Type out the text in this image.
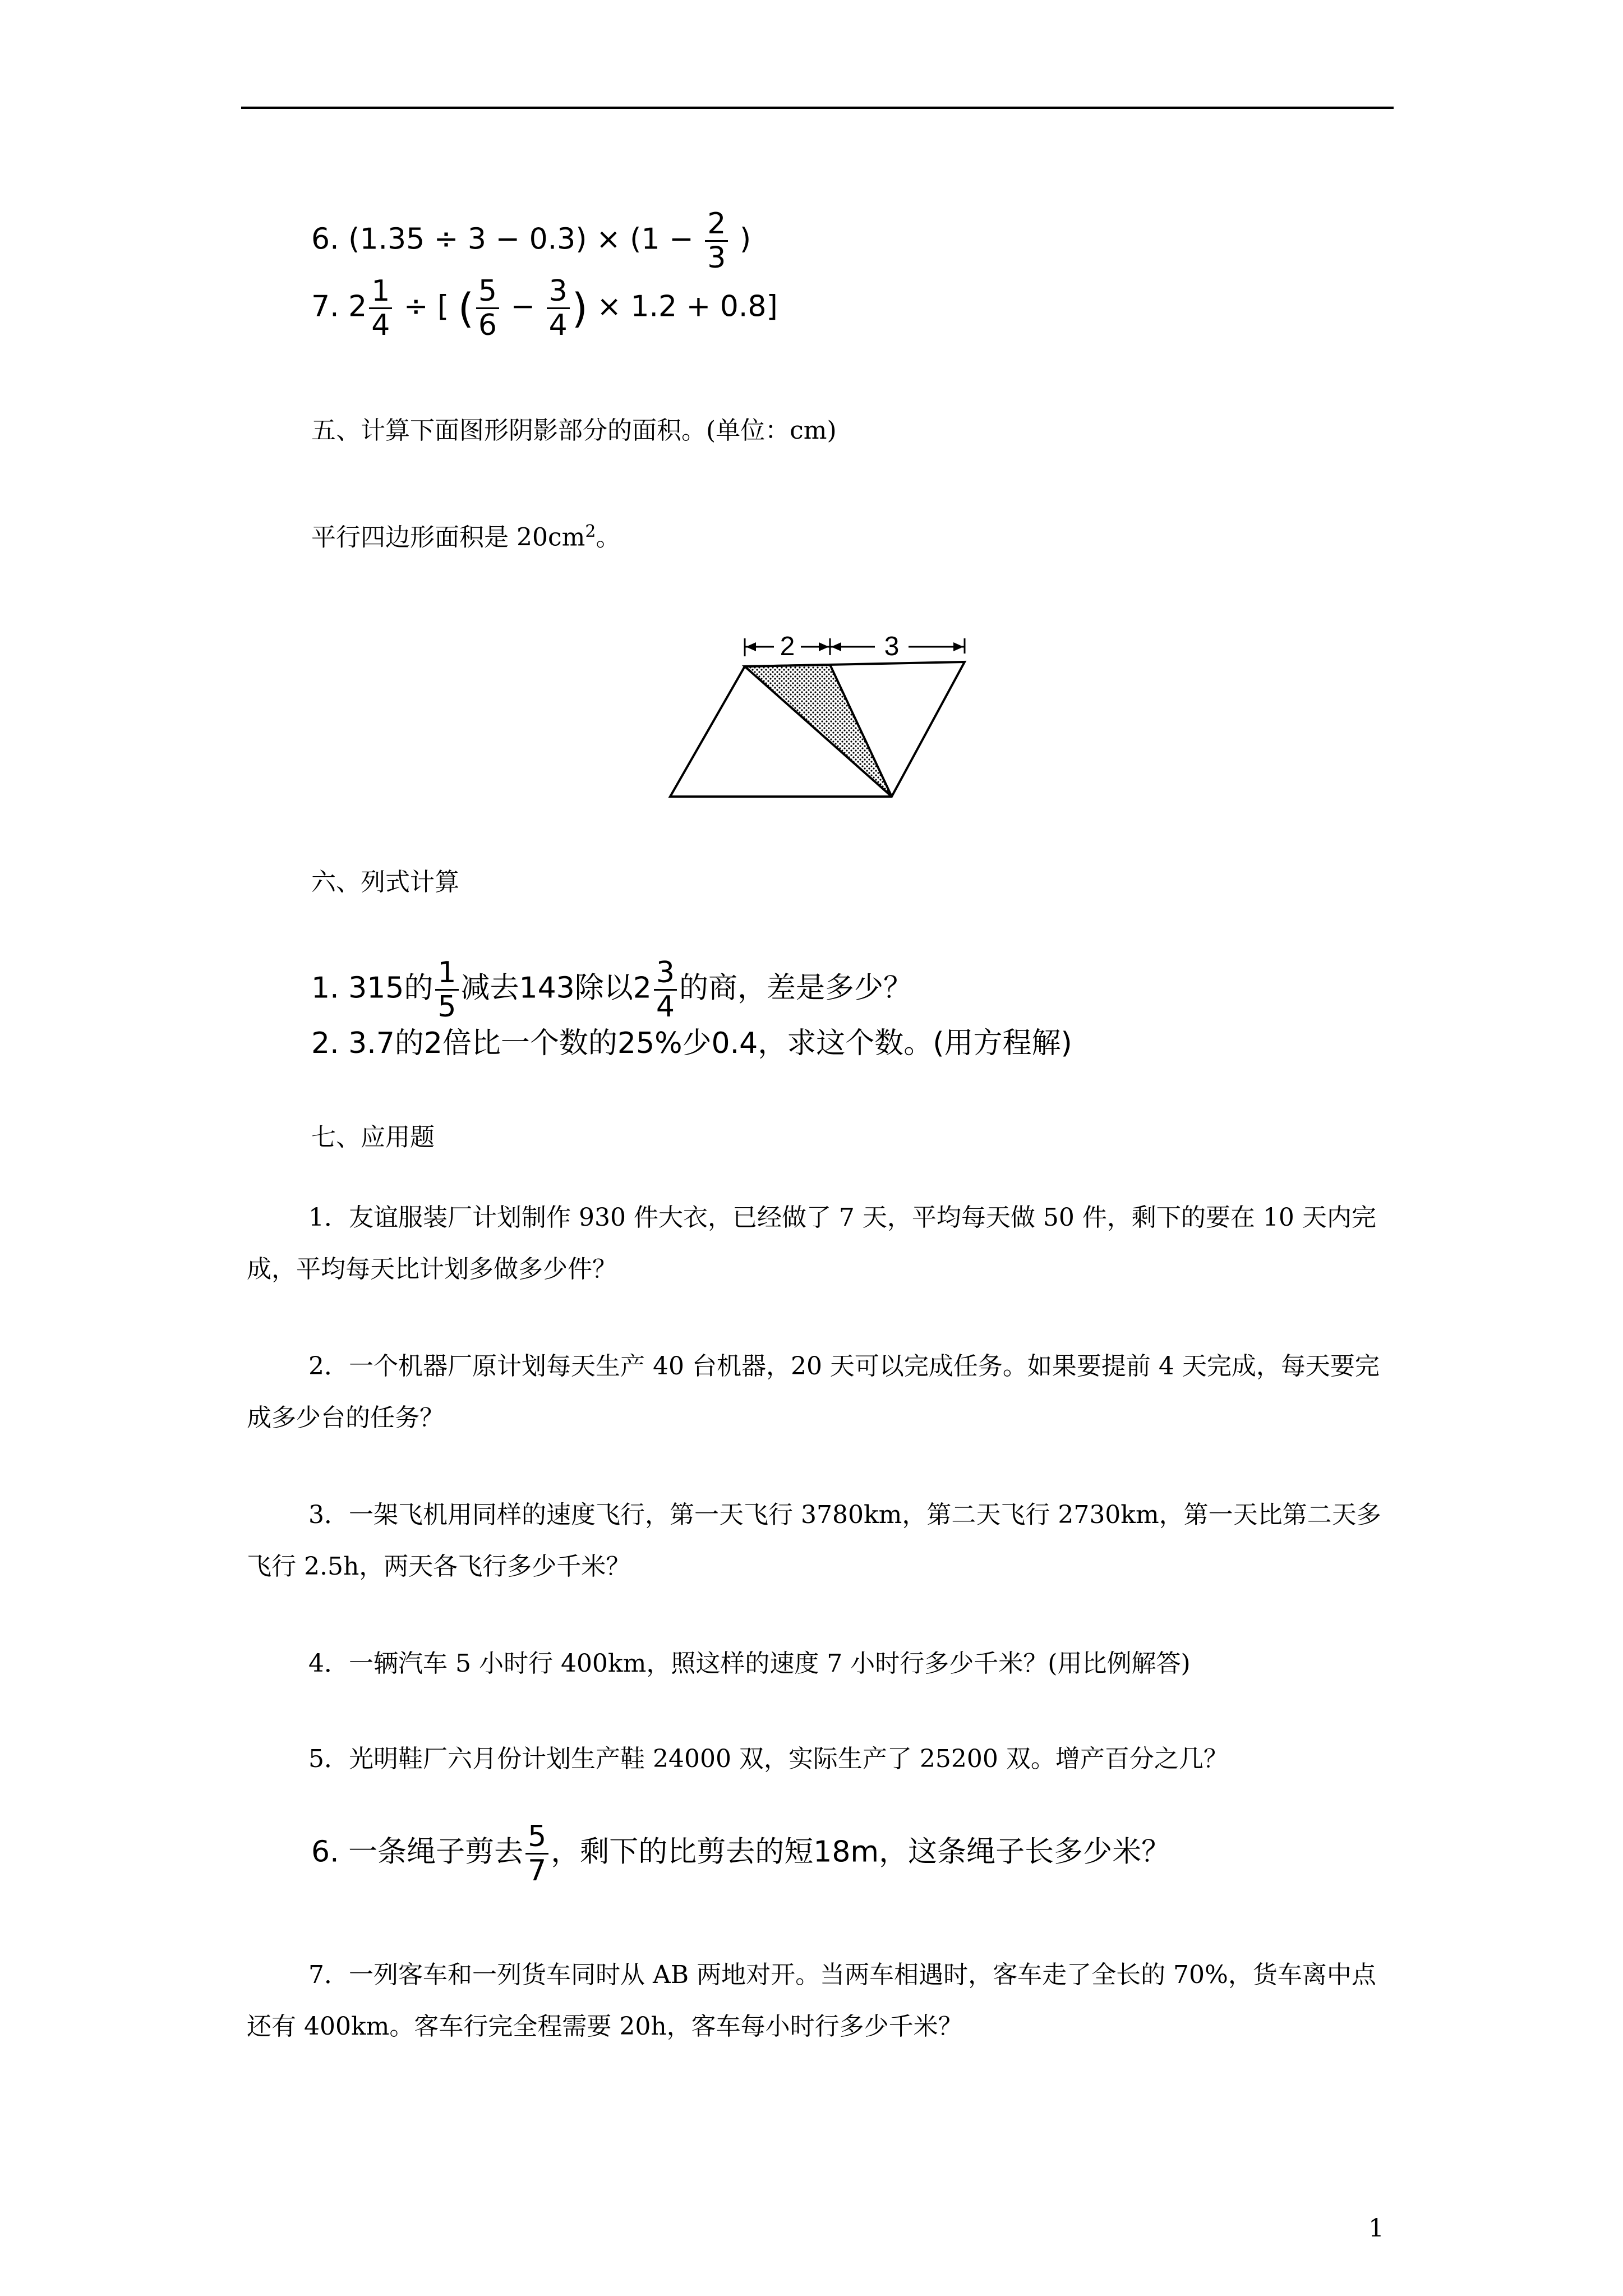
6. $(1.35 \div 3 - 0.3) \times (1 - \frac{2}{3}$ )
7. $2 \frac{1}{4}$ ÷ [ ( $\frac{5}{6} - \frac{3}{4}$ ) × 1.2 + 0.8]
五、计算下面图形阴影部分的面积。(单位：cm)
平行四边形面积是 $20cm^2$。
2	3
六、列式计算
1. 315的 $\frac{1}{5}$ 减去143除以$2 \frac{3}{4}$ 的商，差是多少？
2. 3.7的2倍比一个数的25%少0.4，求这个数。(用方程解)
七、应用题
1．友谊服装厂计划制作 930 件大衣，已经做了 7 天，平均每天做 50 件，剩下的要在 10 天内完成，平均每天比计划多做多少件？
2．一个机器厂原计划每天生产 40 台机器，20 天可以完成任务。如果要提前 4 天完成，每天要完成多少台的任务？
3．一架飞机用同样的速度飞行，第一天飞行 3780km，第二天飞行 2730km，第一天比第二天多飞行 2.5h，两天各飞行多少千米？
4．一辆汽车 5 小时行 400km，照这样的速度 7 小时行多少千米？(用比例解答)
5．光明鞋厂六月份计划生产鞋 24000 双，实际生产了 25200 双。增产百分之几？
6. 一条绳子剪去 $\frac{5}{7}$ ，剩下的比剪去的短18m，这条绳子长多少米？
7．一列客车和一列货车同时从 AB 两地对开。当两车相遇时，客车走了全长的 70%，货车离中点还有 400km。客车行完全程需要 20h，客车每小时行多少千米？
1
